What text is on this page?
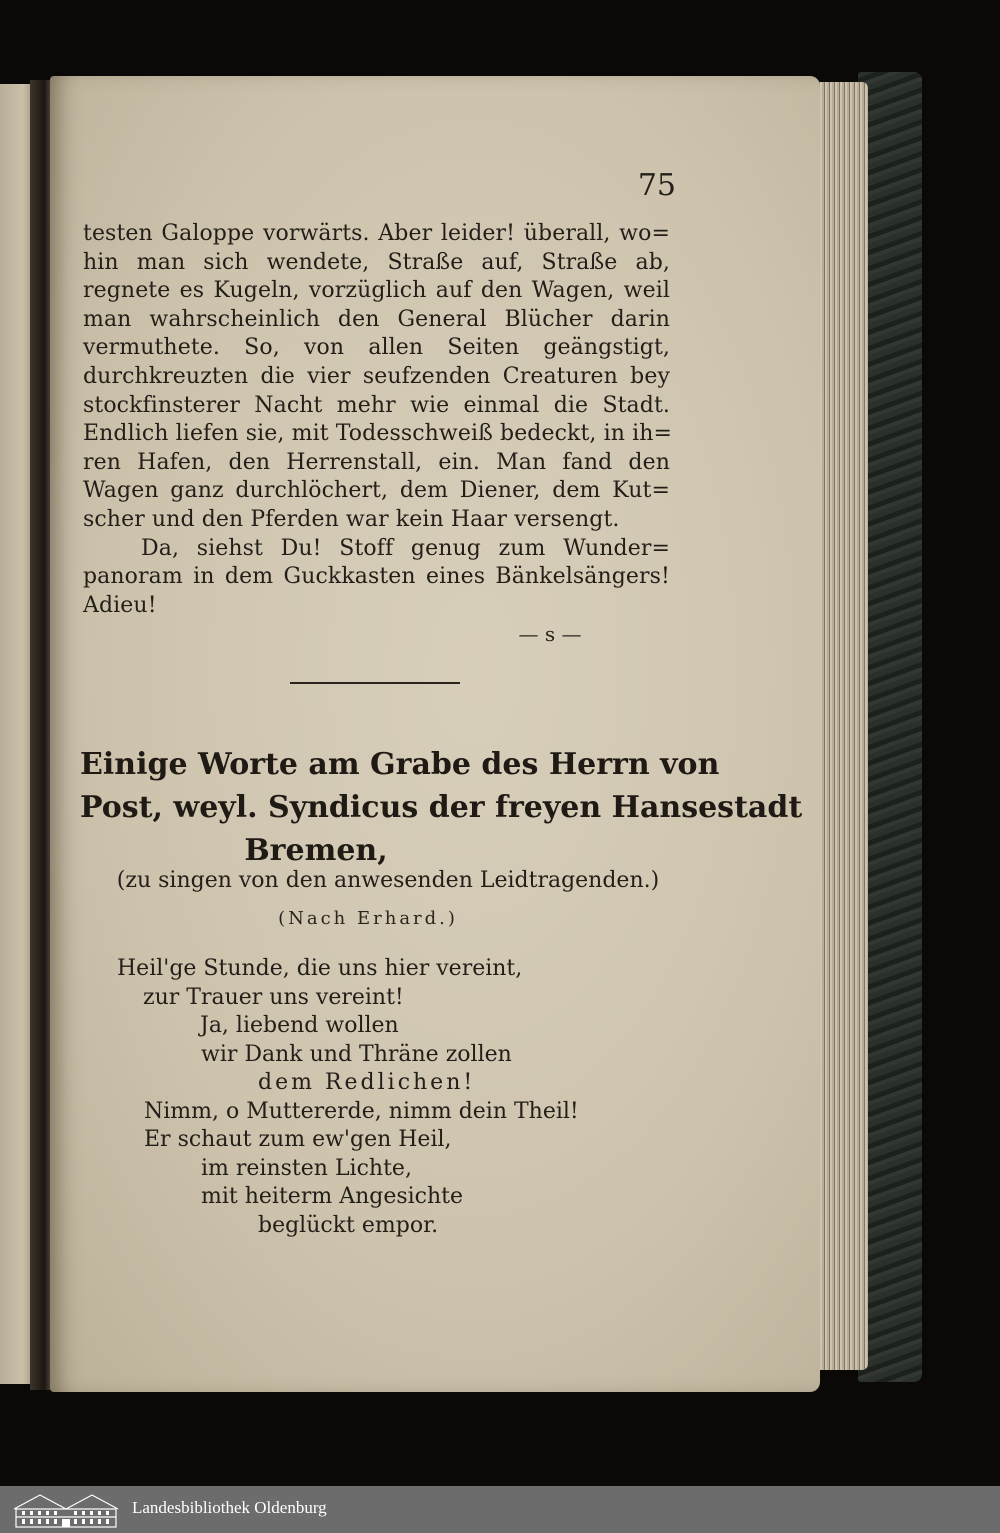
75

testen Galoppe vorwärts. Aber leider! überall, wo=
hin man sich wendete, Straße auf, Straße ab,
regnete es Kugeln, vorzüglich auf den Wagen, weil
man wahrscheinlich den General Blücher darin
vermuthete. So, von allen Seiten geängstigt,
durchkreuzten die vier seufzenden Creaturen bey
stockfinsterer Nacht mehr wie einmal die Stadt.
Endlich liefen sie, mit Todesschweiß bedeckt, in ih=
ren Hafen, den Herrenstall, ein. Man fand den
Wagen ganz durchlöchert, dem Diener, dem Kut=
scher und den Pferden war kein Haar versengt.
Da, siehst Du! Stoff genug zum Wunder=
panoram in dem Guckkasten eines Bänkelsängers!
Adieu!

— s —
Einige Worte am Grabe des Herrn von
Post, weyl. Syndicus der freyen Hansestadt
Bremen,
(zu singen von den anwesenden Leidtragenden.)
(Nach Erhard.)
Heil'ge Stunde, die uns hier vereint,
zur Trauer uns vereint!
Ja, liebend wollen
wir Dank und Thräne zollen
dem Redlichen!
Nimm, o Muttererde, nimm dein Theil!
Er schaut zum ew'gen Heil,
im reinsten Lichte,
mit heiterm Angesichte
beglückt empor.
Landesbibliothek Oldenburg
